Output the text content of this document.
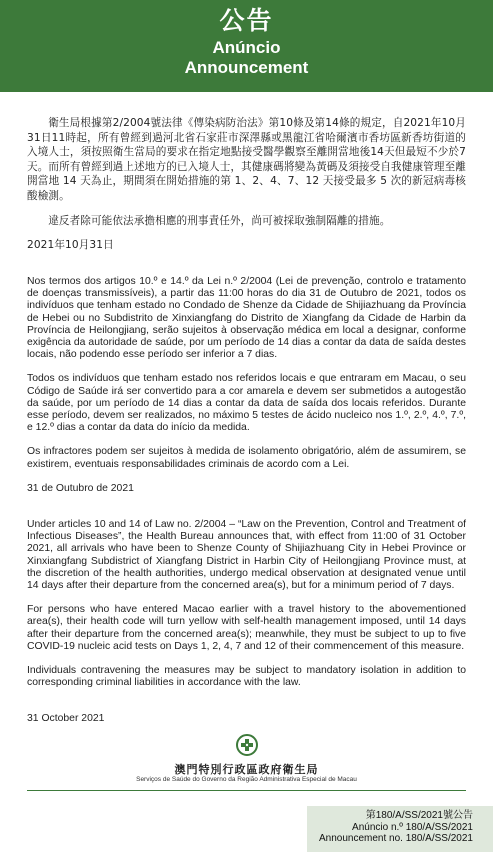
公告
Anúncio
Announcement

衛生局根據第2/2004號法律《傳染病防治法》第10條及第14條的規定，自2021年10月31日11時起，所有曾經到過河北省石家莊市深澤縣或黑龍江省哈爾濱市香坊區新香坊街道的入境人士，須按照衛生當局的要求在指定地點接受醫學觀察至離開當地後14天但最短不少於7天。而所有曾經到過上述地方的已入境人士，其健康碼將變為黃碼及須接受自我健康管理至離開當地 14 天為止，期間須在開始措施的第 1、2、4、7、12 天接受最多 5 次的新冠病毒核酸檢測。

違反者除可能依法承擔相應的刑事責任外，尚可被採取強制隔離的措施。

2021年10月31日

Nos termos dos artigos 10.º e 14.º da Lei n.º 2/2004 (Lei de prevenção, controlo e tratamento de doenças transmissíveis), a partir das 11:00 horas do dia 31 de Outubro de 2021, todos os indivíduos que tenham estado no Condado de Shenze da Cidade de Shijiazhuang da Província de Hebei ou no Subdistrito de Xinxiangfang do Distrito de Xiangfang da Cidade de Harbin da Província de Heilongjiang, serão sujeitos à observação médica em local a designar, conforme exigência da autoridade de saúde, por um período de 14 dias a contar da data de saída destes locais, não podendo esse período ser inferior a 7 dias.

Todos os indivíduos que tenham estado nos referidos locais e que entraram em Macau, o seu Código de Saúde irá ser convertido para a cor amarela e devem ser submetidos a autogestão da saúde, por um período de 14 dias a contar da data de saída dos locais referidos. Durante esse período, devem ser realizados, no máximo 5 testes de ácido nucleico nos 1.º, 2.º, 4.º, 7.º, e 12.º dias a contar da data do início da medida.

Os infractores podem ser sujeitos à medida de isolamento obrigatório, além de assumirem, se existirem, eventuais responsabilidades criminais de acordo com a Lei.

31 de Outubro de 2021

Under articles 10 and 14 of Law no. 2/2004 – “Law on the Prevention, Control and Treatment of Infectious Diseases”, the Health Bureau announces that, with effect from 11:00 of 31 October 2021, all arrivals who have been to Shenze County of Shijiazhuang City in Hebei Province or Xinxiangfang Subdistrict of Xiangfang District in Harbin City of Heilongjiang Province must, at the discretion of the health authorities, undergo medical observation at designated venue until 14 days after their departure from the concerned area(s), but for a minimum period of 7 days.

For persons who have entered Macao earlier with a travel history to the abovementioned area(s), their health code will turn yellow with self-health management imposed, until 14 days after their departure from the concerned area(s); meanwhile, they must be subject to up to five COVID-19 nucleic acid tests on Days 1, 2, 4, 7 and 12 of their commencement of this measure.

Individuals contravening the measures may be subject to mandatory isolation in addition to corresponding criminal liabilities in accordance with the law.

31 October 2021

澳門特別行政區政府衛生局
Serviços de Saúde do Governo da Região Administrativa Especial de Macau
第180/A/SS/2021號公告
Anúncio n.º 180/A/SS/2021
Announcement no. 180/A/SS/2021
